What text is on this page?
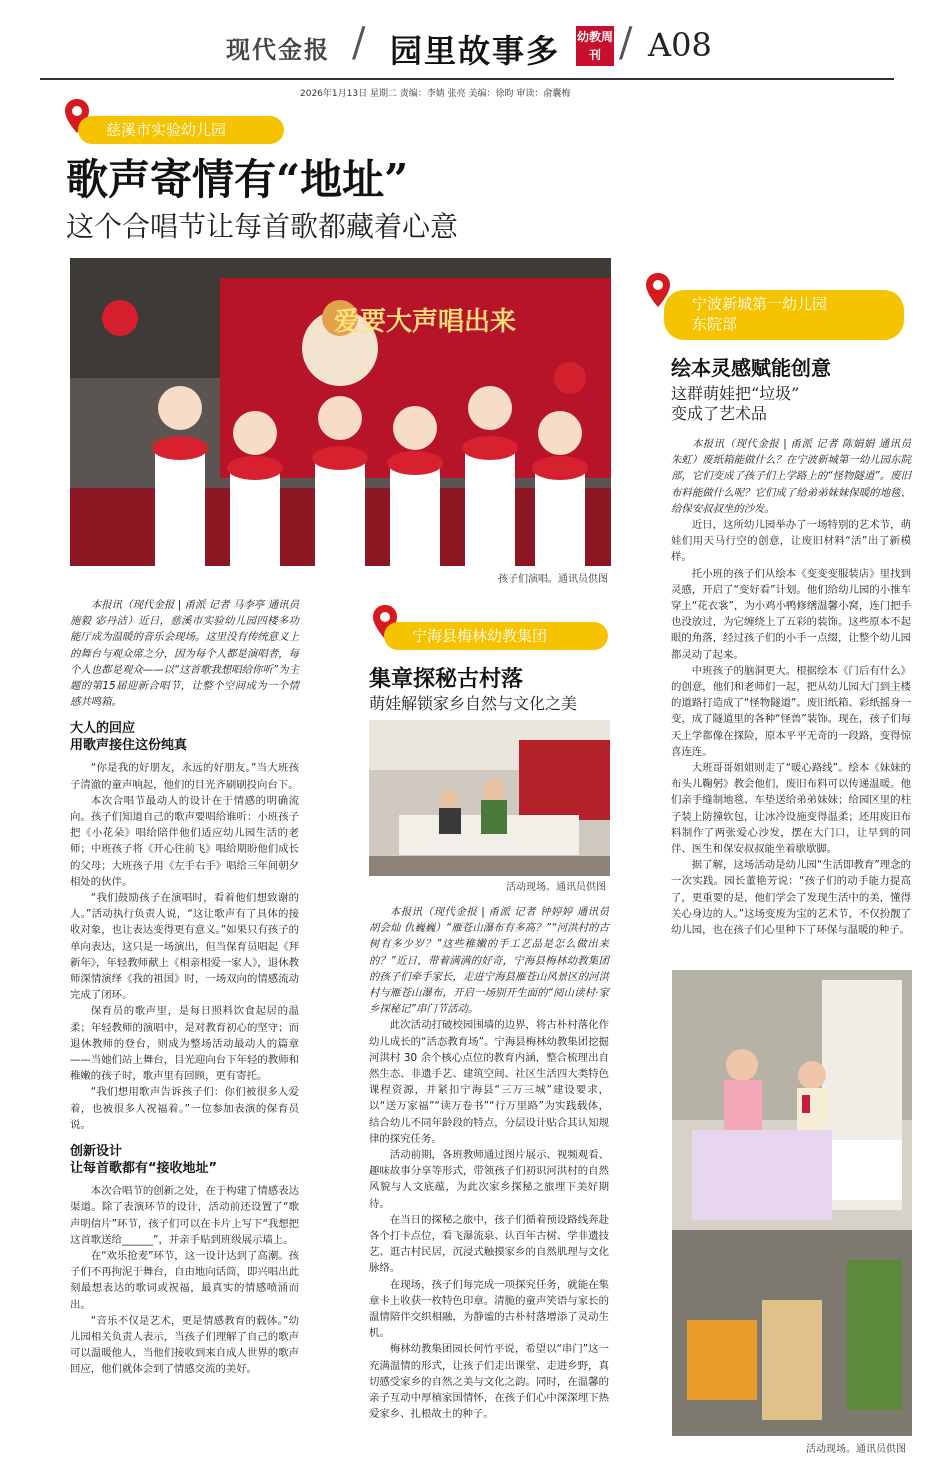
现代金报 / 园里故事多 幼教周刊 / A08
2026年1月13日 星期二 责编：李婧 张亮 美编：徐昀 审读：俞囊梅
慈溪市实验幼儿园
歌声寄情有“地址”
这个合唱节让每首歌都藏着心意
爱要大声唱出来
孩子们演唱。通讯员供图

本报讯（现代金报 | 甬派 记者 马李亭 通讯员 施毅 宓丹洁）近日，慈溪市实验幼儿园四楼多功能厅成为温暖的音乐会现场。这里没有传统意义上的舞台与观众席之分，因为每个人都是演唱者，每个人也都是观众——以“这首歌我想唱给你听”为主题的第15届迎新合唱节，让整个空间成为一个情感共鸣箱。

大人的回应
用歌声接住这份纯真

“你是我的好朋友，永远的好朋友。”当大班孩子清澈的童声响起，他们的目光齐刷刷投向台下。

本次合唱节最动人的设计在于情感的明确流向。孩子们知道自己的歌声要唱给谁听：小班孩子把《小花朵》唱给陪伴他们适应幼儿园生活的老师；中班孩子将《开心往前飞》唱给期盼他们成长的父母；大班孩子用《左手右手》唱给三年间朝夕相处的伙伴。

“我们鼓励孩子在演唱时，看着他们想致谢的人。”活动执行负责人说，“这让歌声有了具体的接收对象，也让表达变得更有意义。”如果只有孩子的单向表达，这只是一场演出，但当保育员唱起《拜新年》，年轻教师献上《相亲相爱一家人》，退休教师深情演绎《我的祖国》时，一场双向的情感流动完成了闭环。

保育员的歌声里，是每日照料饮食起居的温柔；年轻教师的演唱中，是对教育初心的坚守；而退休教师的登台，则成为整场活动最动人的篇章——当她们站上舞台，目光迎向台下年轻的教师和稚嫩的孩子时，歌声里有回顾，更有寄托。

“我们想用歌声告诉孩子们：你们被很多人爱着，也被很多人祝福着。”一位参加表演的保育员说。

创新设计
让每首歌都有“接收地址”

本次合唱节的创新之处，在于构建了情感表达渠道。除了表演环节的设计，活动前还设置了“歌声明信片”环节，孩子们可以在卡片上写下“我想把这首歌送给______”，并亲手贴到班级展示墙上。

在“欢乐抢麦”环节，这一设计达到了高潮。孩子们不再拘泥于舞台，自由地向话筒，即兴唱出此刻最想表达的歌词或祝福，最真实的情感喷涌而出。

“音乐不仅是艺术，更是情感教育的载体。”幼儿园相关负责人表示，当孩子们理解了自己的歌声可以温暖他人，当他们接收到来自成人世界的歌声回应，他们就体会到了情感交流的美好。

宁海县梅林幼教集团
集章探秘古村落
萌娃解锁家乡自然与文化之美
活动现场。通讯员供图

本报讯（现代金报 | 甬派 记者 钟婷婷 通讯员 胡会灿 仇巍巍）“雁苍山瀑布有多高？”“河洪村的古树有多少岁？”这些稚嫩的手工艺品是怎么做出来的？”近日，带着满满的好奇，宁海县梅林幼教集团的孩子们牵手家长，走进宁海县雁苍山风景区的河洪村与雁苍山瀑布，开启一场别开生面的“阅山读村·家乡探秘记”串门节活动。

此次活动打破校园围墙的边界，将古朴村落化作幼儿成长的“活态教育场”。宁海县梅林幼教集团挖掘河洪村 30 余个核心点位的教育内涵，整合梳理出自然生态、非遗手艺、建筑空间、社区生活四大类特色课程资源，并紧扣宁海县“三万三城”建设要求，以“送万家福”“读万卷书”“行万里路”为实践载体，结合幼儿不同年龄段的特点，分层设计贴合其认知规律的探究任务。

活动前期，各班教师通过图片展示、视频观看、趣味故事分享等形式，带领孩子们初识河洪村的自然风貌与人文底蕴，为此次家乡探秘之旅埋下美好期待。

在当日的探秘之旅中，孩子们循着预设路线奔赴各个打卡点位，看飞瀑流泉、认百年古树、学非遗技艺、逛古村民居，沉浸式触摸家乡的自然肌理与文化脉络。

在现场，孩子们每完成一项探究任务，就能在集章卡上收获一枚特色印章。清脆的童声笑语与家长的温情陪伴交织相融，为静谧的古朴村落增添了灵动生机。

梅林幼教集团园长何竹平说，希望以“串门”这一充满温情的形式，让孩子们走出课堂、走进乡野，真切感受家乡的自然之美与文化之韵。同时，在温馨的亲子互动中厚植家国情怀，在孩子们心中深深埋下热爱家乡、扎根故土的种子。

宁波新城第一幼儿园
东院部
绘本灵感赋能创意
这群萌娃把“垃圾”
变成了艺术品

本报讯（现代金报 | 甬派 记者 陈娟娟 通讯员 朱虹）废纸箱能做什么？在宁波新城第一幼儿园东院部，它们变成了孩子们上学路上的“怪物隧道”。废旧布料能做什么呢？它们成了给弟弟妹妹保暖的地毯、给保安叔叔坐的沙发。

近日，这所幼儿园举办了一场特别的艺术节，萌娃们用天马行空的创意，让废旧材料“活”出了新模样。

托小班的孩子们从绘本《变变变服装店》里找到灵感，开启了“变好看”计划。他们给幼儿园的小推车穿上“花衣裳”，为小鸡小鸭修缮温馨小窝，连门把手也没放过，为它缠绕上了五彩的装饰。这些原本不起眼的角落，经过孩子们的小手一点缀，让整个幼儿园都灵动了起来。

中班孩子的脑洞更大。根据绘本《门后有什么》的创意，他们和老师们一起，把从幼儿园大门到主楼的道路打造成了“怪物隧道”。废旧纸箱、彩纸摇身一变，成了隧道里的各种“怪兽”装饰。现在，孩子们每天上学都像在探险，原本平平无奇的一段路，变得惊喜连连。

大班哥哥姐姐则走了“暖心路线”。绘本《妹妹的布头儿鞠躬》教会他们，废旧布料可以传递温暖。他们亲手缝制地毯、车垫送给弟弟妹妹；给园区里的柱子装上防撞软包，让冰冷设施变得温柔；还用废旧布料制作了两张爱心沙发，摆在大门口，让早到的同伴、医生和保安叔叔能坐着歇歇脚。

据了解，这场活动是幼儿园“生活即教育”理念的一次实践。园长董艳芳说：“孩子们的动手能力提高了，更重要的是，他们学会了发现生活中的美，懂得关心身边的人。”这场变废为宝的艺术节，不仅扮靓了幼儿园，也在孩子们心里种下了环保与温暖的种子。

活动现场。通讯员供图
